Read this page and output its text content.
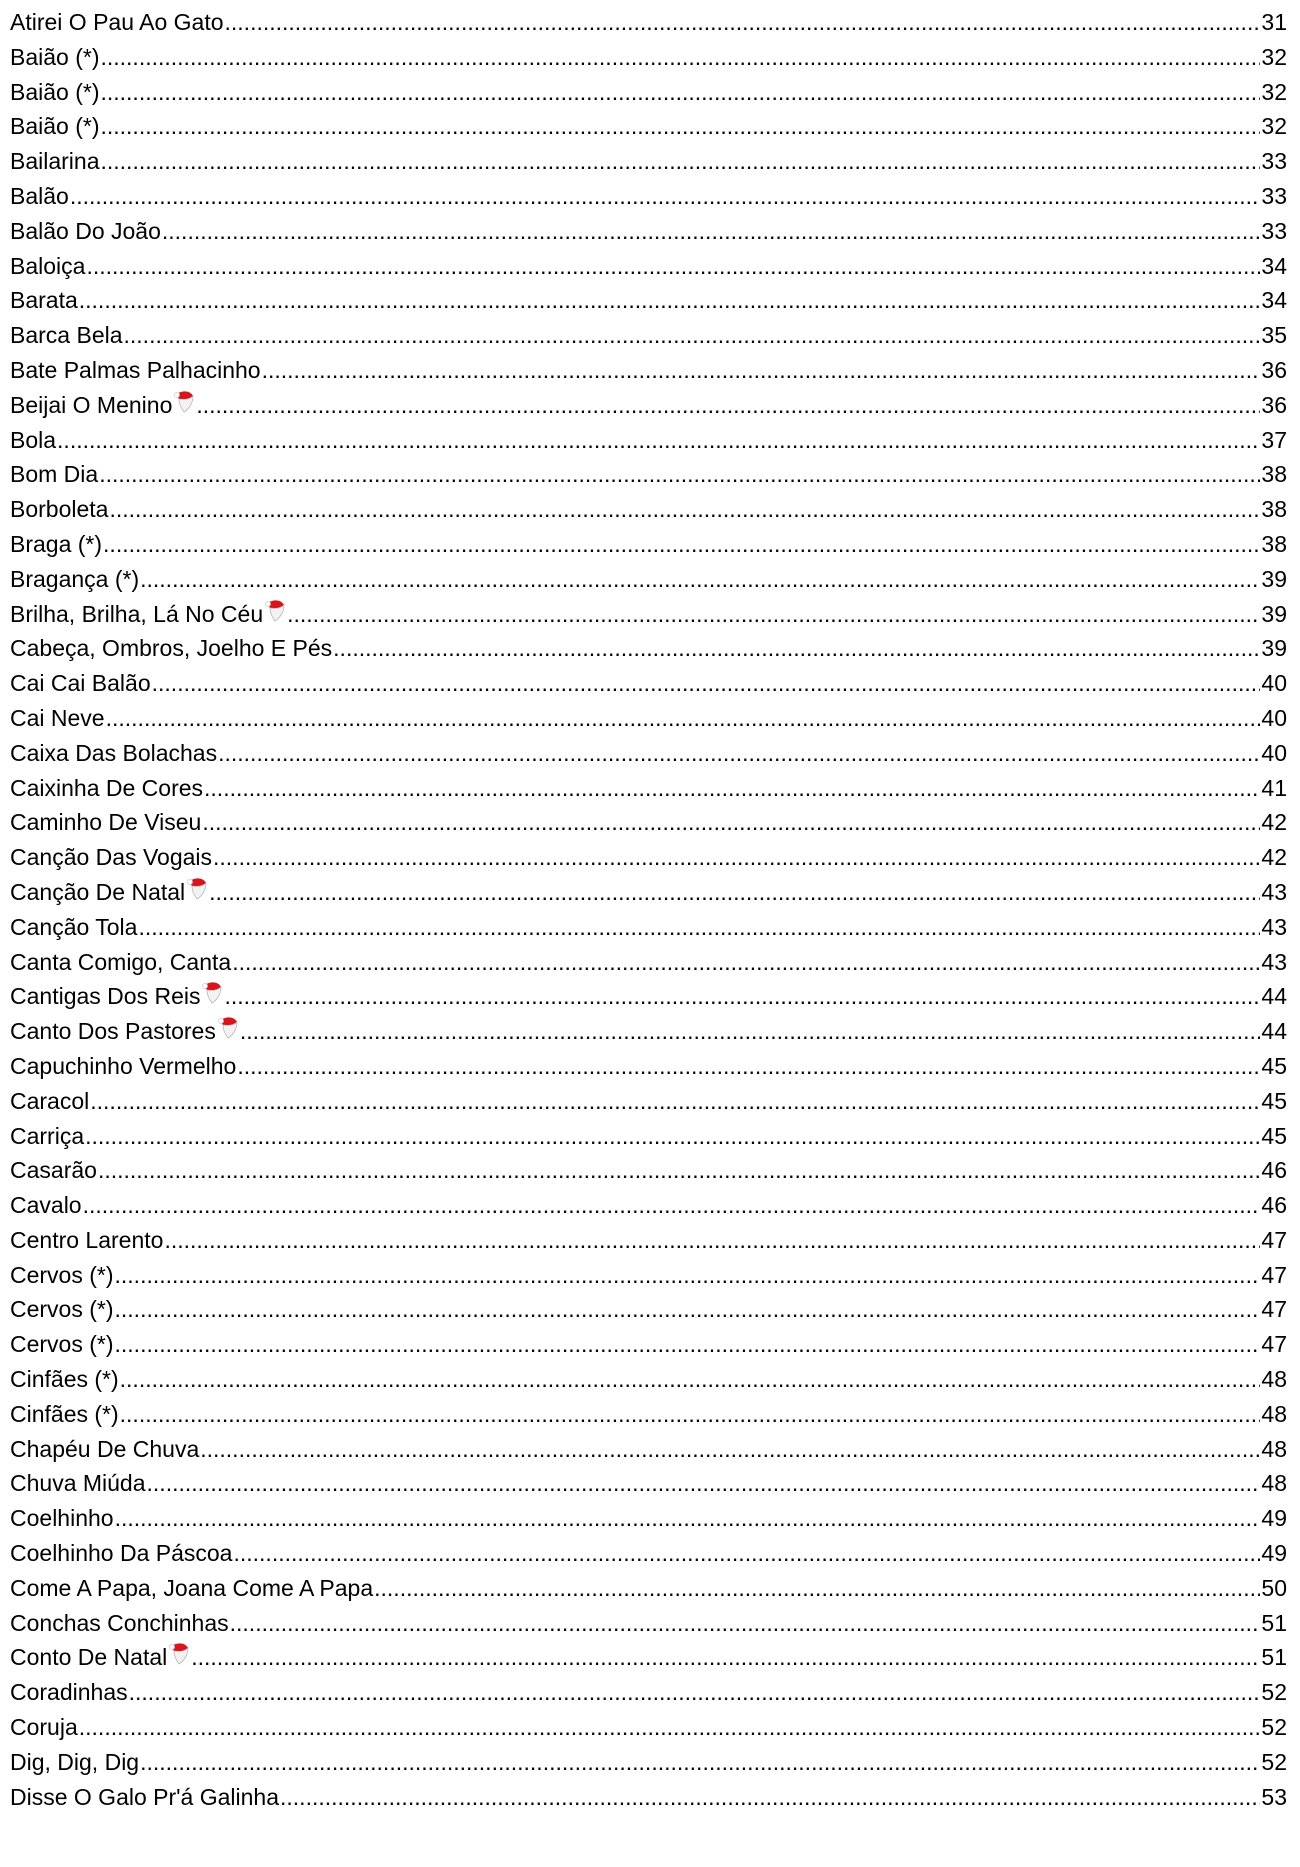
Atirei O Pau Ao Gato .....	31
Baião (*) .....	32
Baião (*) .....	32
Baião (*) .....	32
Bailarina .....	33
Balão .....	33
Balão Do João .....	33
Baloiça .....	34
Barata .....	34
Barca Bela .....	35
Bate Palmas Palhacinho .....	36
Beijai O Menino .....	36
Bola .....	37
Bom Dia .....	38
Borboleta .....	38
Braga (*) .....	38
Bragança (*) .....	39
Brilha, Brilha, Lá No Céu .....	39
Cabeça, Ombros, Joelho E Pés .....	39
Cai Cai Balão .....	40
Cai Neve .....	40
Caixa Das Bolachas .....	40
Caixinha De Cores .....	41
Caminho De Viseu .....	42
Canção Das Vogais .....	42
Canção De Natal .....	43
Canção Tola .....	43
Canta Comigo, Canta .....	43
Cantigas Dos Reis .....	44
Canto Dos Pastores .....	44
Capuchinho Vermelho .....	45
Caracol .....	45
Carriça .....	45
Casarão .....	46
Cavalo .....	46
Centro Larento .....	47
Cervos (*) .....	47
Cervos (*) .....	47
Cervos (*) .....	47
Cinfães (*) .....	48
Cinfães (*) .....	48
Chapéu De Chuva .....	48
Chuva Miúda .....	48
Coelhinho .....	49
Coelhinho Da Páscoa .....	49
Come A Papa, Joana Come A Papa .....	50
Conchas Conchinhas .....	51
Conto De Natal .....	51
Coradinhas .....	52
Coruja .....	52
Dig, Dig, Dig .....	52
Disse O Galo Pr'á Galinha .....	53
